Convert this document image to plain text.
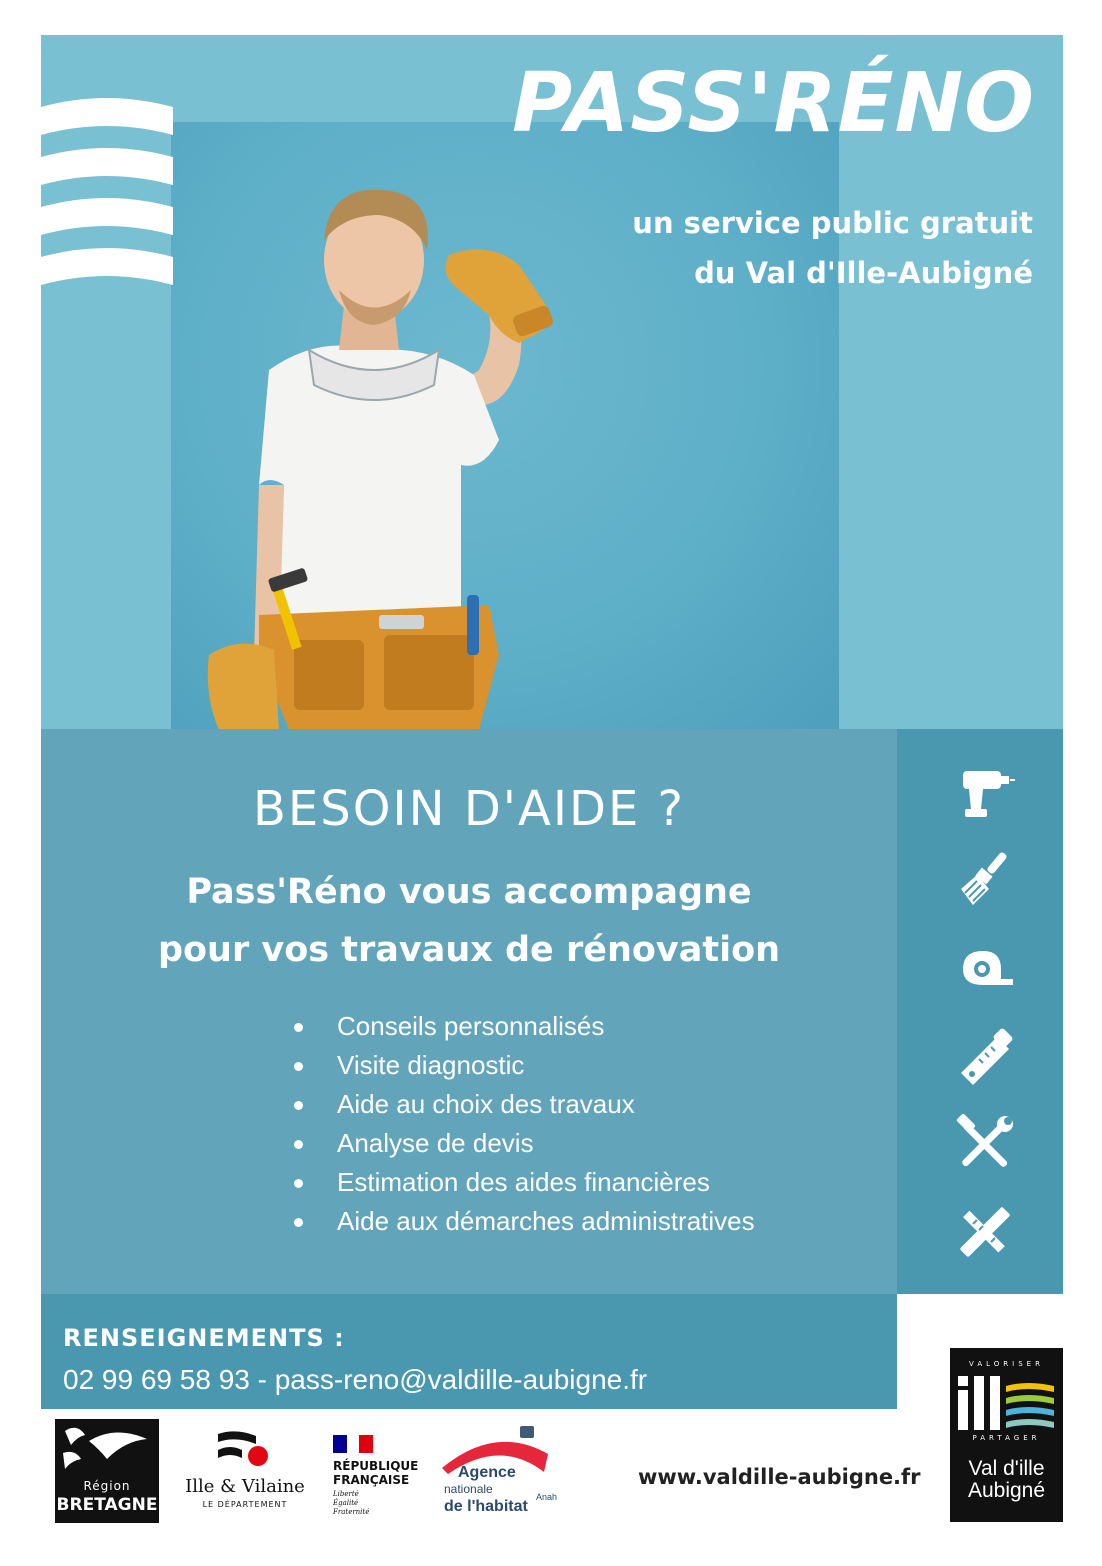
PASS'RÉNO
un service public gratuit
du Val d'Ille-Aubigné
BESOIN D'AIDE ?
Pass'Réno vous accompagne
pour vos travaux de rénovation
Conseils personnalisés
Visite diagnostic
Aide au choix des travaux
Analyse de devis
Estimation des aides financières
Aide aux démarches administratives
RENSEIGNEMENTS :
02 99 69 58 93 - pass-reno@valdille-aubigne.fr
Région
BRETAGNE
Ille & Vilaine
LE DÉPARTEMENT
RÉPUBLIQUE
FRANÇAISE
Liberté
Égalité
Fraternité
Agence
nationale
de l'habitat
Anah
www.valdille-aubigne.fr
VALORISER
PARTAGER
Val d'ille
Aubigné
